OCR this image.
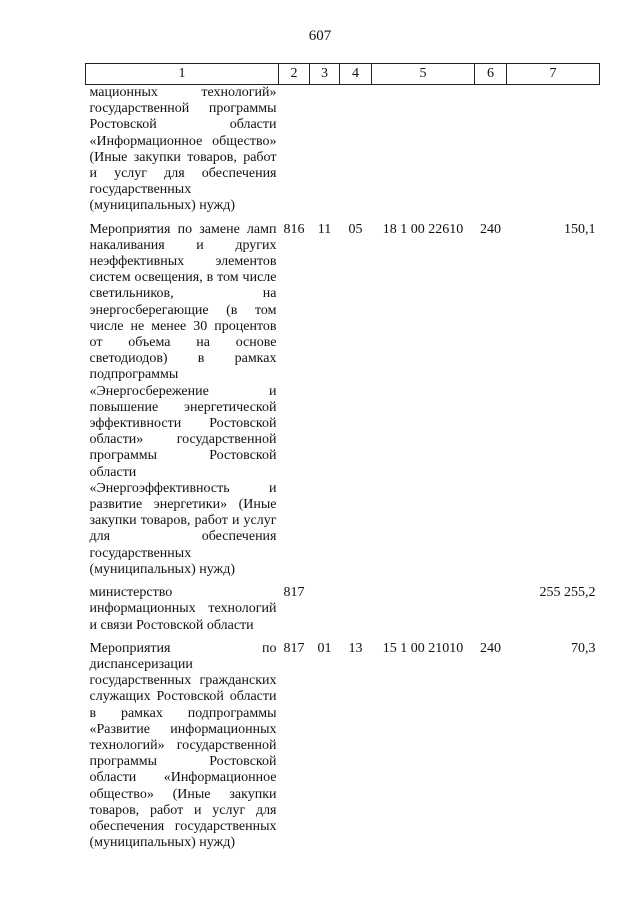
607
1	2	3	4	5	6	7
мационных технологий» государственной программы Ростовской области «Информационное общество» (Иные закупки товаров, работ и услуг для обеспечения государственных (муниципальных) нужд)						
Мероприятия по замене ламп накаливания и других неэффективных элементов систем освещения, в том числе светильников, на энергосберегающие (в том числе не менее 30 процентов от объема на основе светодиодов) в рамках подпрограммы «Энергосбережение и повышение энергетической эффективности Ростовской области» государственной программы Ростовской области «Энергоэффективность и развитие энергетики» (Иные закупки товаров, работ и услуг для обеспечения государственных (муниципальных) нужд)	816	11	05	18 1 00 22610	240	150,1
министерство информационных технологий и связи Ростовской области	817					255 255,2
Мероприятия по диспансеризации государственных гражданских служащих Ростовской области в рамках подпрограммы «Развитие информационных технологий» государственной программы Ростовской области «Информационное общество» (Иные закупки товаров, работ и услуг для обеспечения государственных (муниципальных) нужд)	817	01	13	15 1 00 21010	240	70,3
